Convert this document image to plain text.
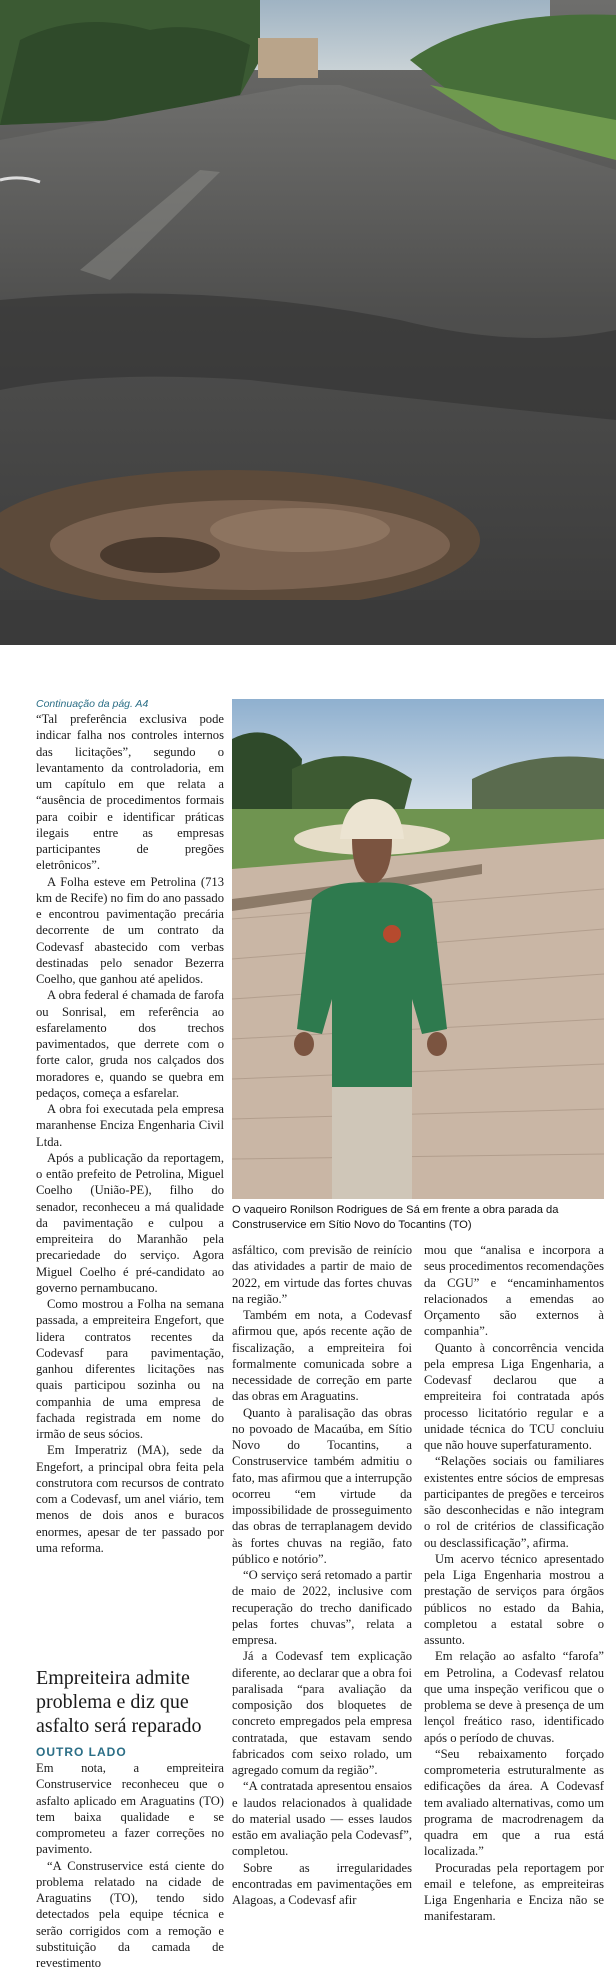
Continuação da pág. A4

“Tal preferência exclusiva pode indicar falha nos controles internos das licitações”, segundo o levantamento da controladoria, em um capítulo em que relata a “ausência de procedimentos formais para coibir e identificar práticas ilegais entre as empresas participantes de pregões eletrônicos”.

A Folha esteve em Petrolina (713 km de Recife) no fim do ano passado e encontrou pavimentação precária decorrente de um contrato da Codevasf abastecido com verbas destinadas pelo senador Bezerra Coelho, que ganhou até apelidos.

A obra federal é chamada de farofa ou Sonrisal, em referência ao esfarelamento dos trechos pavimentados, que derrete com o forte calor, gruda nos calçados dos moradores e, quando se quebra em pedaços, começa a esfarelar.

A obra foi executada pela empresa maranhense Enciza Engenharia Civil Ltda.

Após a publicação da reportagem, o então prefeito de Petrolina, Miguel Coelho (União-PE), filho do senador, reconheceu a má qualidade da pavimentação e culpou a empreiteira do Maranhão pela precariedade do serviço. Agora Miguel Coelho é pré-candidato ao governo pernambucano.

Como mostrou a Folha na semana passada, a empreiteira Engefort, que lidera contratos recentes da Codevasf para pavimentação, ganhou diferentes licitações nas quais participou sozinha ou na companhia de uma empresa de fachada registrada em nome do irmão de seus sócios.

Em Imperatriz (MA), sede da Engefort, a principal obra feita pela construtora com recursos de contrato com a Codevasf, um anel viário, tem menos de dois anos e buracos enormes, apesar de ter passado por uma reforma.

Empreiteira admite problema e diz que asfalto será reparado
OUTRO LADO

Em nota, a empreiteira Construservice reconheceu que o asfalto aplicado em Araguatins (TO) tem baixa qualidade e se comprometeu a fazer correções no pavimento.

“A Construservice está ciente do problema relatado na cidade de Araguatins (TO), tendo sido detectados pela equipe técnica e serão corrigidos com a remoção e substituição da camada de revestimento

O vaqueiro Ronilson Rodrigues de Sá em frente a obra parada da Construservice em Sítio Novo do Tocantins (TO)

asfáltico, com previsão de reinício das atividades a partir de maio de 2022, em virtude das fortes chuvas na região.”

Também em nota, a Codevasf afirmou que, após recente ação de fiscalização, a empreiteira foi formalmente comunicada sobre a necessidade de correção em parte das obras em Araguatins.

Quanto à paralisação das obras no povoado de Macaúba, em Sítio Novo do Tocantins, a Construservice também admitiu o fato, mas afirmou que a interrupção ocorreu “em virtude da impossibilidade de prosseguimento das obras de terraplanagem devido às fortes chuvas na região, fato público e notório”.

“O serviço será retomado a partir de maio de 2022, inclusive com recuperação do trecho danificado pelas fortes chuvas”, relata a empresa.

Já a Codevasf tem explicação diferente, ao declarar que a obra foi paralisada “para avaliação da composição dos bloquetes de concreto empregados pela empresa contratada, que estavam sendo fabricados com seixo rolado, um agregado comum da região”.

“A contratada apresentou ensaios e laudos relacionados à qualidade do material usado — esses laudos estão em avaliação pela Codevasf”, completou.

Sobre as irregularidades encontradas em pavimentações em Alagoas, a Codevasf afir

mou que “analisa e incorpora a seus procedimentos recomendações da CGU” e “encaminhamentos relacionados a emendas ao Orçamento são externos à companhia”.

Quanto à concorrência vencida pela empresa Liga Engenharia, a Codevasf declarou que a empreiteira foi contratada após processo licitatório regular e a unidade técnica do TCU concluiu que não houve superfaturamento.

“Relações sociais ou familiares existentes entre sócios de empresas participantes de pregões e terceiros são desconhecidas e não integram o rol de critérios de classificação ou desclassificação”, afirma.

Um acervo técnico apresentado pela Liga Engenharia mostrou a prestação de serviços para órgãos públicos no estado da Bahia, completou a estatal sobre o assunto.

Em relação ao asfalto “farofa” em Petrolina, a Codevasf relatou que uma inspeção verificou que o problema se deve à presença de um lençol freático raso, identificado após o período de chuvas.

“Seu rebaixamento forçado comprometeria estruturalmente as edificações da área. A Codevasf tem avaliado alternativas, como um programa de macrodrenagem da quadra em que a rua está localizada.”

Procuradas pela reportagem por email e telefone, as empreiteiras Liga Engenharia e Enciza não se manifestaram.
